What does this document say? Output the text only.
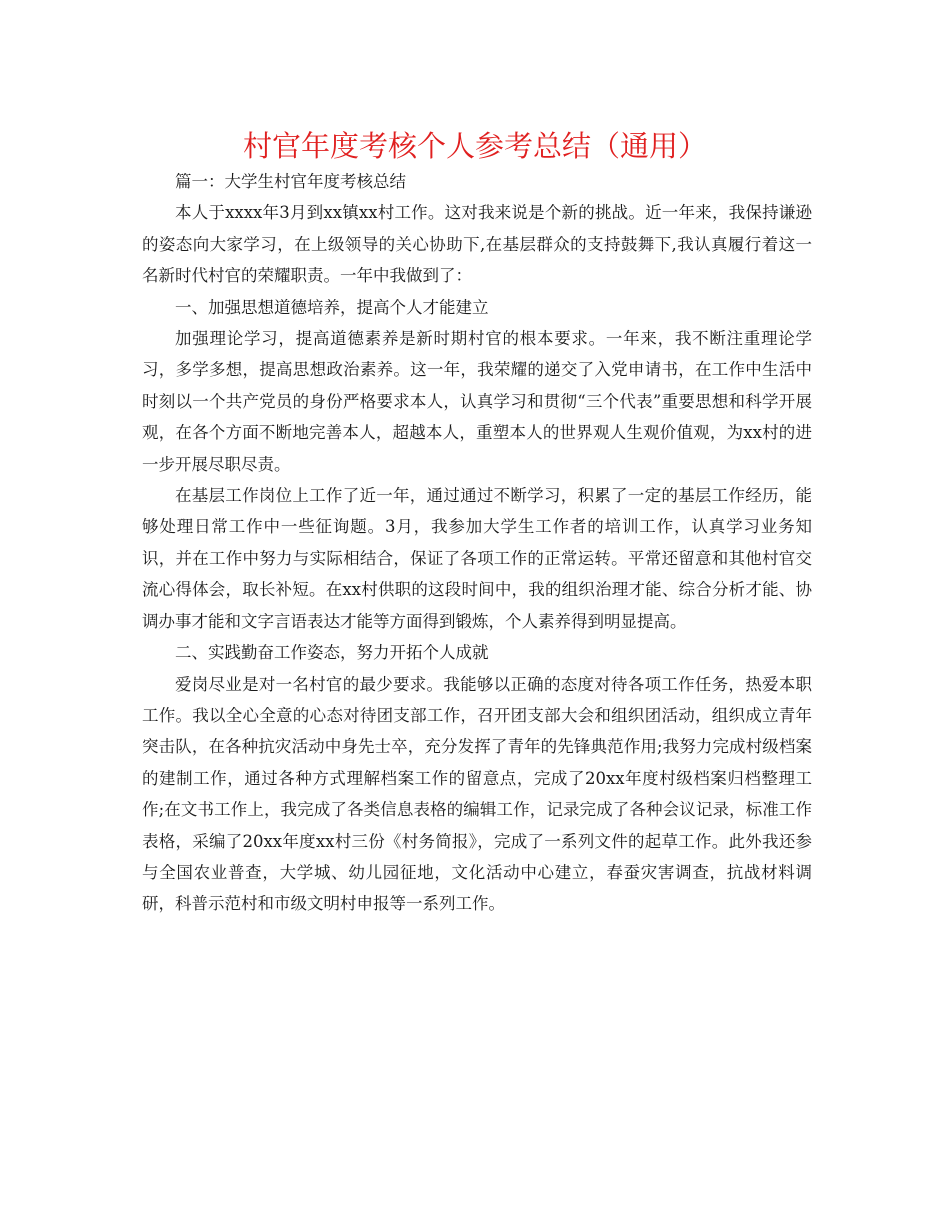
村官年度考核个人参考总结（通用）

篇一：大学生村官年度考核总结

本人于xxxx年3月到xx镇xx村工作。这对我来说是个新的挑战。近一年来，我保持谦逊的姿态向大家学习，在上级领导的关心协助下,在基层群众的支持鼓舞下,我认真履行着这一名新时代村官的荣耀职责。一年中我做到了：

一、加强思想道德培养，提高个人才能建立

加强理论学习，提高道德素养是新时期村官的根本要求。一年来，我不断注重理论学习，多学多想，提高思想政治素养。这一年，我荣耀的递交了入党申请书，在工作中生活中时刻以一个共产党员的身份严格要求本人，认真学习和贯彻“三个代表”重要思想和科学开展观，在各个方面不断地完善本人，超越本人，重塑本人的世界观人生观价值观，为xx村的进一步开展尽职尽责。

在基层工作岗位上工作了近一年，通过通过不断学习，积累了一定的基层工作经历，能够处理日常工作中一些征询题。3月，我参加大学生工作者的培训工作，认真学习业务知识，并在工作中努力与实际相结合，保证了各项工作的正常运转。平常还留意和其他村官交流心得体会，取长补短。在xx村供职的这段时间中，我的组织治理才能、综合分析才能、协调办事才能和文字言语表达才能等方面得到锻炼，个人素养得到明显提高。

二、实践勤奋工作姿态，努力开拓个人成就

爱岗尽业是对一名村官的最少要求。我能够以正确的态度对待各项工作任务，热爱本职工作。我以全心全意的心态对待团支部工作，召开团支部大会和组织团活动，组织成立青年突击队，在各种抗灾活动中身先士卒，充分发挥了青年的先锋典范作用;我努力完成村级档案的建制工作，通过各种方式理解档案工作的留意点，完成了20xx年度村级档案归档整理工作;在文书工作上，我完成了各类信息表格的编辑工作，记录完成了各种会议记录，标准工作表格，采编了20xx年度xx村三份《村务简报》，完成了一系列文件的起草工作。此外我还参与全国农业普查，大学城、幼儿园征地，文化活动中心建立，春蚕灾害调查，抗战材料调研，科普示范村和市级文明村申报等一系列工作。
